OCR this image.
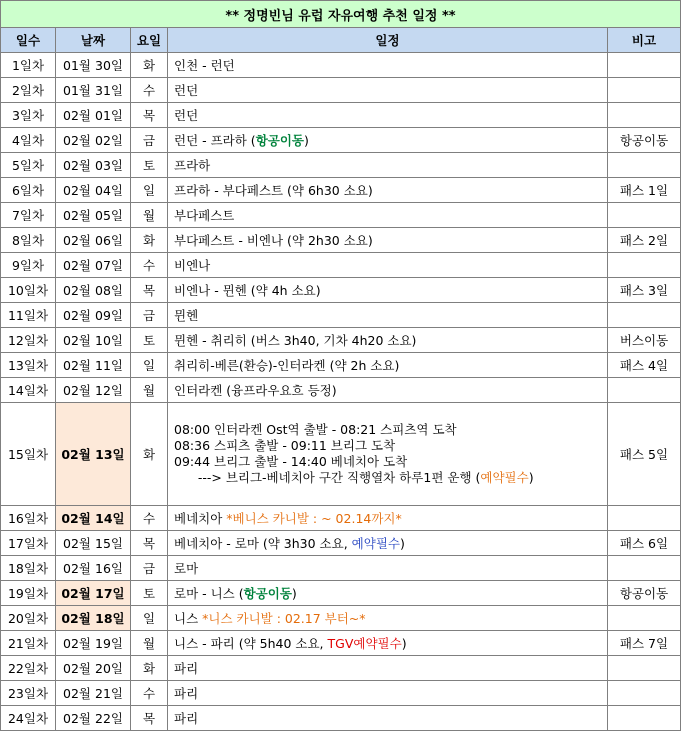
** 정명빈님 유럽 자유여행 추천 일정 **				
일수	날짜	요일	일정	비고
1일차	01월 30일	화	인천 - 런던	
2일차	01월 31일	수	런던	
3일차	02월 01일	목	런던	
4일차	02월 02일	금	런던 - 프라하 (항공이동)	항공이동
5일차	02월 03일	토	프라하	
6일차	02월 04일	일	프라하 - 부다페스트 (약 6h30 소요)	패스 1일
7일차	02월 05일	월	부다페스트	
8일차	02월 06일	화	부다페스트 - 비엔나 (약 2h30 소요)	패스 2일
9일차	02월 07일	수	비엔나	
10일차	02월 08일	목	비엔나 - 뮌헨 (약 4h 소요)	패스 3일
11일차	02월 09일	금	뮌헨	
12일차	02월 10일	토	뮌헨 - 취리히 (버스 3h40, 기차 4h20 소요)	버스이동
13일차	02월 11일	일	취리히-베른(환승)-인터라켄 (약 2h 소요)	패스 4일
14일차	02월 12일	월	인터라켄 (융프라우요흐 등정)	
15일차	02월 13일	화	08:00 인터라켄 Ost역 출발 - 08:21 스피츠역 도착
08:36 스피츠 출발 - 09:11 브리그 도착
09:44 브리그 출발 - 14:40 베네치아 도착
---> 브리그-베네치아 구간 직행열차 하루1편 운행 (예약필수)	패스 5일
16일차	02월 14일	수	베네치아 *베니스 카니발 : ~ 02.14까지*	
17일차	02월 15일	목	베네치아 - 로마 (약 3h30 소요, 예약필수)	패스 6일
18일차	02월 16일	금	로마	
19일차	02월 17일	토	로마 - 니스 (항공이동)	항공이동
20일차	02월 18일	일	니스 *니스 카니발 : 02.17 부터~*	
21일차	02월 19일	월	니스 - 파리 (약 5h40 소요, TGV예약필수)	패스 7일
22일차	02월 20일	화	파리	
23일차	02월 21일	수	파리	
24일차	02월 22일	목	파리	
